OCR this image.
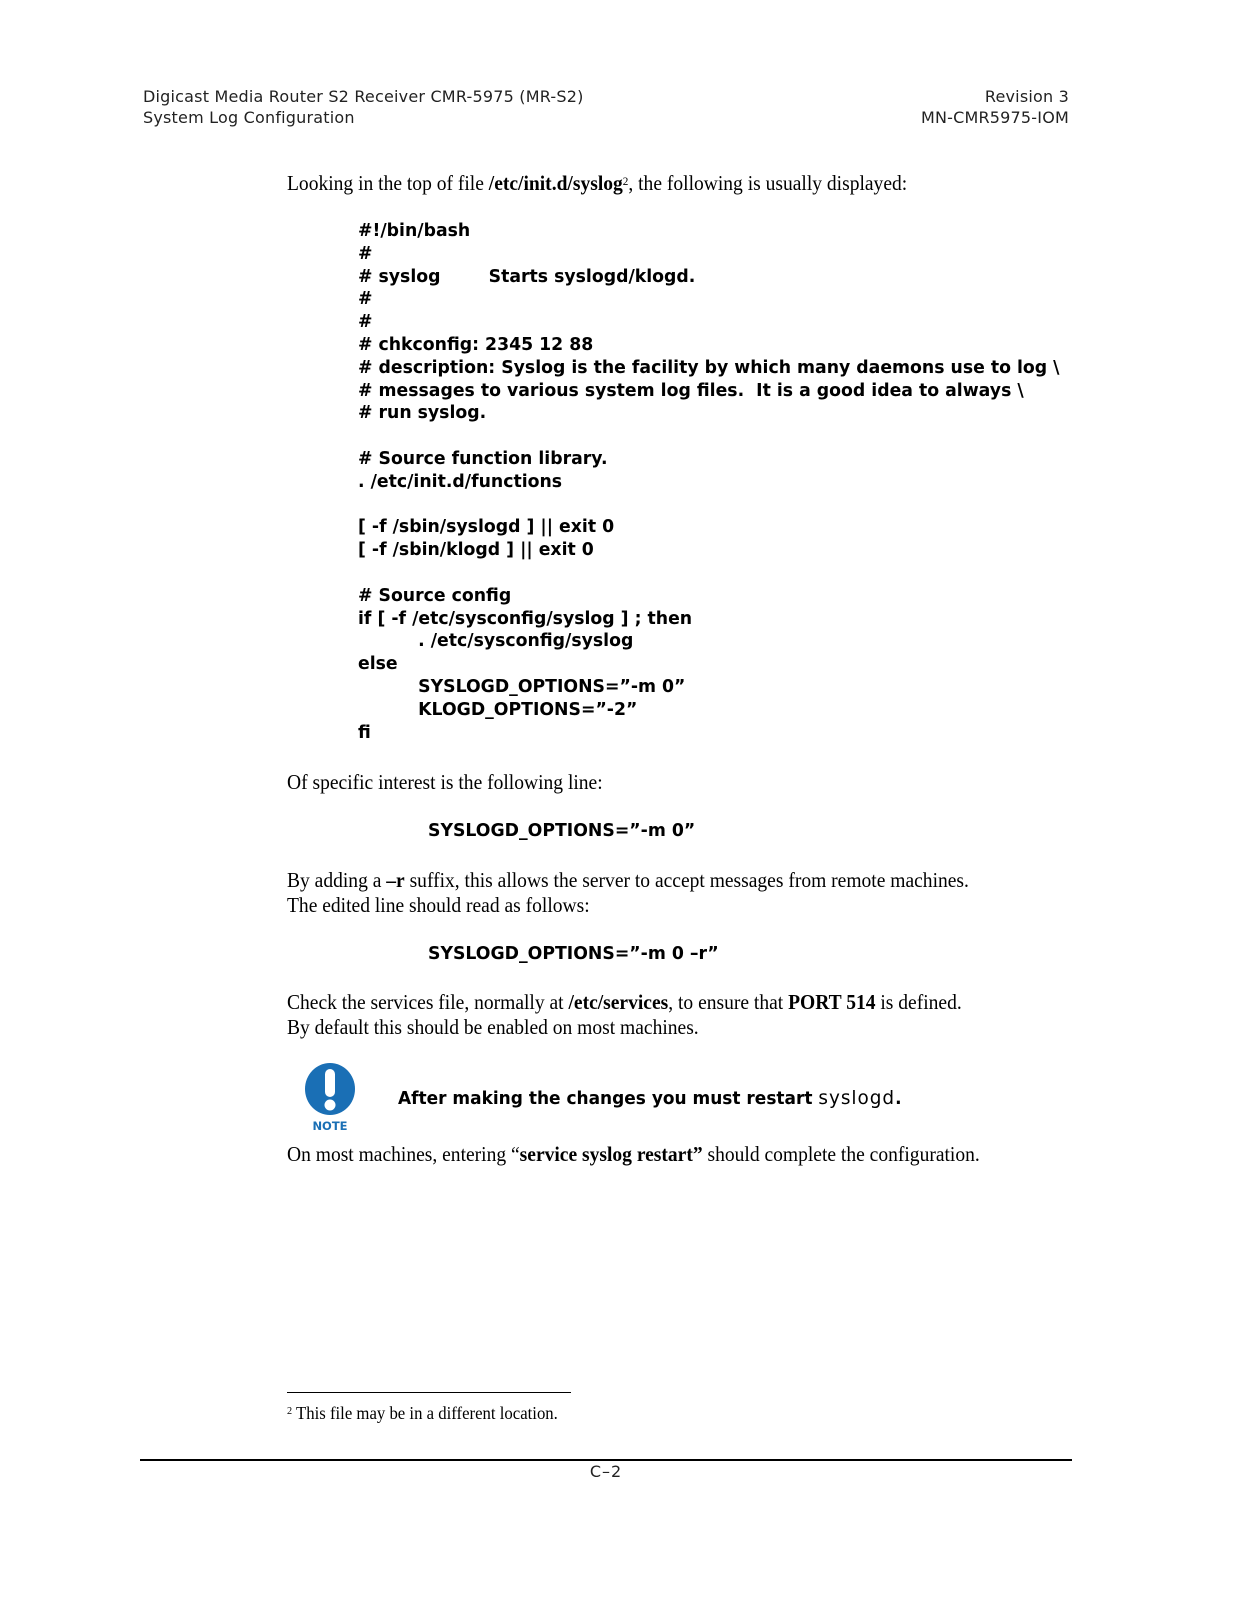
Digicast Media Router S2 Receiver CMR-5975 (MR-S2)
System Log Configuration
Revision 3
MN-CMR5975-IOM
Looking in the top of file /etc/init.d/syslog$^2$, the following is usually displayed:
#!/bin/bash
#
# syslog        Starts syslogd/klogd.
#
#
# chkconfig: 2345 12 88
# description: Syslog is the facility by which many daemons use to log \
# messages to various system log files.  It is a good idea to always \
# run syslog.
# Source function library.
. /etc/init.d/functions
[ -f /sbin/syslogd ] || exit 0
[ -f /sbin/klogd ] || exit 0
# Source config
if [ -f /etc/sysconfig/syslog ] ; then
. /etc/sysconfig/syslog
else
SYSLOGD_OPTIONS=”-m 0”
KLOGD_OPTIONS=”-2”
fi
Of specific interest is the following line:
SYSLOGD_OPTIONS=”-m 0”
By adding a –r suffix, this allows the server to accept messages from remote machines.
The edited line should read as follows:
SYSLOGD_OPTIONS=”-m 0 –r”
Check the services file, normally at /etc/services, to ensure that PORT 514 is defined.
By default this should be enabled on most machines.
NOTE
After making the changes you must restart syslogd.
On most machines, entering “service syslog restart” should complete the configuration.
$^2$ This file may be in a different location.
C–2
